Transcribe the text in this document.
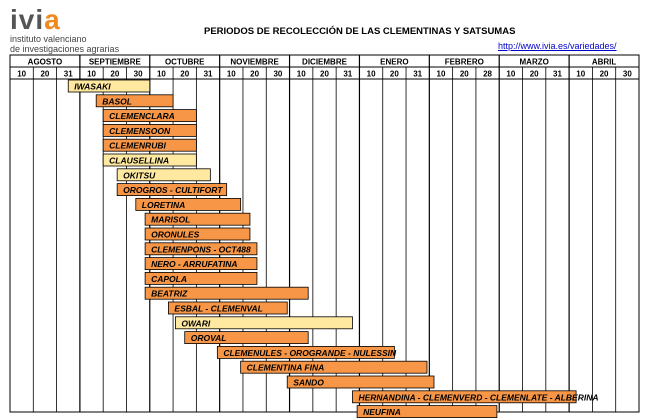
ivia
instituto valenciano
de investigaciones agrarias
PERIODOS DE RECOLECCIÓN DE LAS CLEMENTINAS Y SATSUMAS
http://www.ivia.es/variedades/
AGOSTO	SEPTIEMBRE	OCTUBRE	NOVIEMBRE	DICIEMBRE	ENERO	FEBRERO	MARZO	ABRIL
10 20 31 10 20 30 10 20 31 10 20 30 10 20 31 10 20 31 10 20 28 10 20 31 10 20 30
IWASAKI
BASOL
CLEMENCLARA
CLEMENSOON
CLEMENRUBI
CLAUSELLINA
OKITSU
OROGROS - CULTIFORT
LORETINA
MARISOL
ORONULES
CLEMENPONS - OCT488
NERO - ARRUFATINA
CAPOLA
BEATRIZ
ESBAL - CLEMENVAL
OWARI
OROVAL
CLEMENULES - OROGRANDE - NULESSIN
CLEMENTINA FINA
SANDO
HERNANDINA - CLEMENVERD - CLEMENLATE - ALBERINA
NEUFINA
